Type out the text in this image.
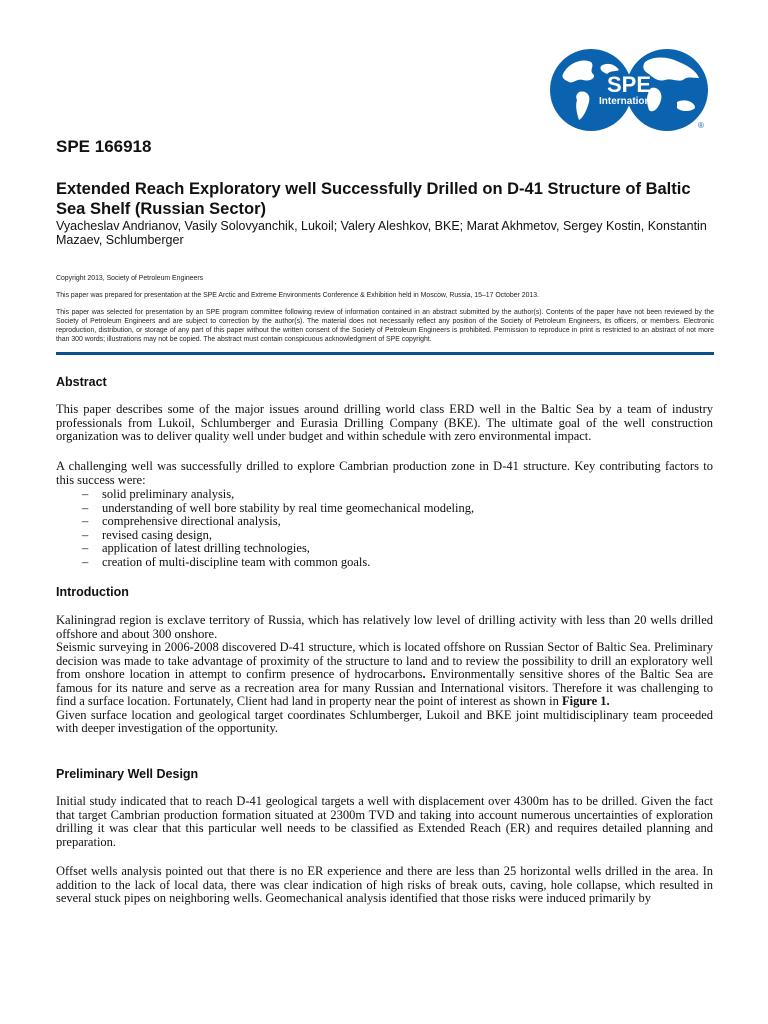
SPE
International
®
SPE 166918
Extended Reach Exploratory well Successfully Drilled on D-41 Structure of Baltic Sea Shelf (Russian Sector)

Vyacheslav Andrianov, Vasily Solovyanchik, Lukoil; Valery Aleshkov, BKE; Marat Akhmetov, Sergey Kostin, Konstantin Mazaev, Schlumberger

Copyright 2013, Society of Petroleum Engineers

This paper was prepared for presentation at the SPE Arctic and Extreme Environments Conference & Exhibition held in Moscow, Russia, 15–17 October 2013.

This paper was selected for presentation by an SPE program committee following review of information contained in an abstract submitted by the author(s). Contents of the paper have not been reviewed by the Society of Petroleum Engineers and are subject to correction by the author(s). The material does not necessarily reflect any position of the Society of Petroleum Engineers, its officers, or members. Electronic reproduction, distribution, or storage of any part of this paper without the written consent of the Society of Petroleum Engineers is prohibited. Permission to reproduce in print is restricted to an abstract of not more than 300 words; illustrations may not be copied. The abstract must contain conspicuous acknowledgment of SPE copyright.

Abstract

This paper describes some of the major issues around drilling world class ERD well in the Baltic Sea by a team of industry professionals from Lukoil, Schlumberger and Eurasia Drilling Company (BKE). The ultimate goal of the well construction organization was to deliver quality well under budget and within schedule with zero environmental impact.

A challenging well was successfully drilled to explore Cambrian production zone in D-41 structure. Key contributing factors to this success were:

– solid preliminary analysis,
– understanding of well bore stability by real time geomechanical modeling,
– comprehensive directional analysis,
– revised casing design,
– application of latest drilling technologies,
– creation of multi-discipline team with common goals.
Introduction

Kaliningrad region is exclave territory of Russia, which has relatively low level of drilling activity with less than 20 wells drilled offshore and about 300 onshore.

Seismic surveying in 2006-2008 discovered D-41 structure, which is located offshore on Russian Sector of Baltic Sea. Preliminary decision was made to take advantage of proximity of the structure to land and to review the possibility to drill an exploratory well from onshore location in attempt to confirm presence of hydrocarbons. Environmentally sensitive shores of the Baltic Sea are famous for its nature and serve as a recreation area for many Russian and International visitors. Therefore it was challenging to find a surface location. Fortunately, Client had land in property near the point of interest as shown in Figure 1.

Given surface location and geological target coordinates Schlumberger, Lukoil and BKE joint multidisciplinary team proceeded with deeper investigation of the opportunity.

Preliminary Well Design

Initial study indicated that to reach D-41 geological targets a well with displacement over 4300m has to be drilled. Given the fact that target Cambrian production formation situated at 2300m TVD and taking into account numerous uncertainties of exploration drilling it was clear that this particular well needs to be classified as Extended Reach (ER) and requires detailed planning and preparation.

Offset wells analysis pointed out that there is no ER experience and there are less than 25 horizontal wells drilled in the area. In addition to the lack of local data, there was clear indication of high risks of break outs, caving, hole collapse, which resulted in several stuck pipes on neighboring wells. Geomechanical analysis identified that those risks were induced primarily by
